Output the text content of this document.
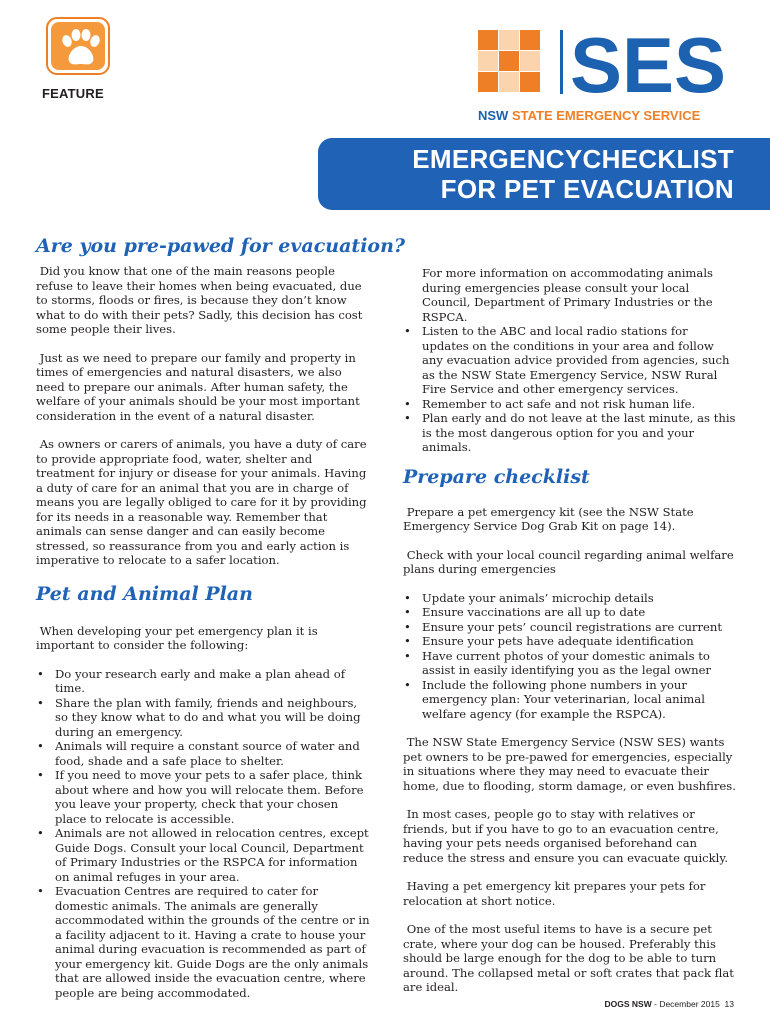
FEATURE	SES
NSW STATE EMERGENCY SERVICE
EMERGENCYCHECKLIST
FOR PET EVACUATION
Are you pre-pawed for evacuation?

Did you know that one of the main reasons people refuse to leave their homes when being evacuated, due to storms, floods or fires, is because they don’t know what to do with their pets? Sadly, this decision has cost some people their lives.

Just as we need to prepare our family and property in times of emergencies and natural disasters, we also need to prepare our animals. After human safety, the welfare of your animals should be your most important consideration in the event of a natural disaster.

As owners or carers of animals, you have a duty of care to provide appropriate food, water, shelter and treatment for injury or disease for your animals. Having a duty of care for an animal that you are in charge of means you are legally obliged to care for it by providing for its needs in a reasonable way. Remember that animals can sense danger and can easily become stressed, so reassurance from you and early action is imperative to relocate to a safer location.

Pet and Animal Plan

When developing your pet emergency plan it is important to consider the following:

• Do your research early and make a plan ahead of time.
• Share the plan with family, friends and neighbours, so they know what to do and what you will be doing during an emergency.
• Animals will require a constant source of water and food, shade and a safe place to shelter.
• If you need to move your pets to a safer place, think about where and how you will relocate them. Before you leave your property, check that your chosen place to relocate is accessible.
• Animals are not allowed in relocation centres, except Guide Dogs. Consult your local Council, Department of Primary Industries or the RSPCA for information on animal refuges in your area.
• Evacuation Centres are required to cater for domestic animals. The animals are generally accommodated within the grounds of the centre or in a facility adjacent to it. Having a crate to house your animal during evacuation is recommended as part of your emergency kit. Guide Dogs are the only animals that are allowed inside the evacuation centre, where people are being accommodated.

For more information on accommodating animals during emergencies please consult your local Council, Department of Primary Industries or the RSPCA.

• Listen to the ABC and local radio stations for updates on the conditions in your area and follow any evacuation advice provided from agencies, such as the NSW State Emergency Service, NSW Rural Fire Service and other emergency services.
• Remember to act safe and not risk human life.
• Plan early and do not leave at the last minute, as this is the most dangerous option for you and your animals.
Prepare checklist

Prepare a pet emergency kit (see the NSW State Emergency Service Dog Grab Kit on page 14).

Check with your local council regarding animal welfare plans during emergencies

• Update your animals’ microchip details
• Ensure vaccinations are all up to date
• Ensure your pets’ council registrations are current
• Ensure your pets have adequate identification
• Have current photos of your domestic animals to assist in easily identifying you as the legal owner
• Include the following phone numbers in your emergency plan: Your veterinarian, local animal welfare agency (for example the RSPCA).

The NSW State Emergency Service (NSW SES) wants pet owners to be pre-pawed for emergencies, especially in situations where they may need to evacuate their home, due to flooding, storm damage, or even bushfires.

In most cases, people go to stay with relatives or friends, but if you have to go to an evacuation centre, having your pets needs organised beforehand can reduce the stress and ensure you can evacuate quickly.

Having a pet emergency kit prepares your pets for relocation at short notice.

One of the most useful items to have is a secure pet crate, where your dog can be housed. Preferably this should be large enough for the dog to be able to turn around. The collapsed metal or soft crates that pack flat are ideal.

DOGS NSW - December 2015 13
